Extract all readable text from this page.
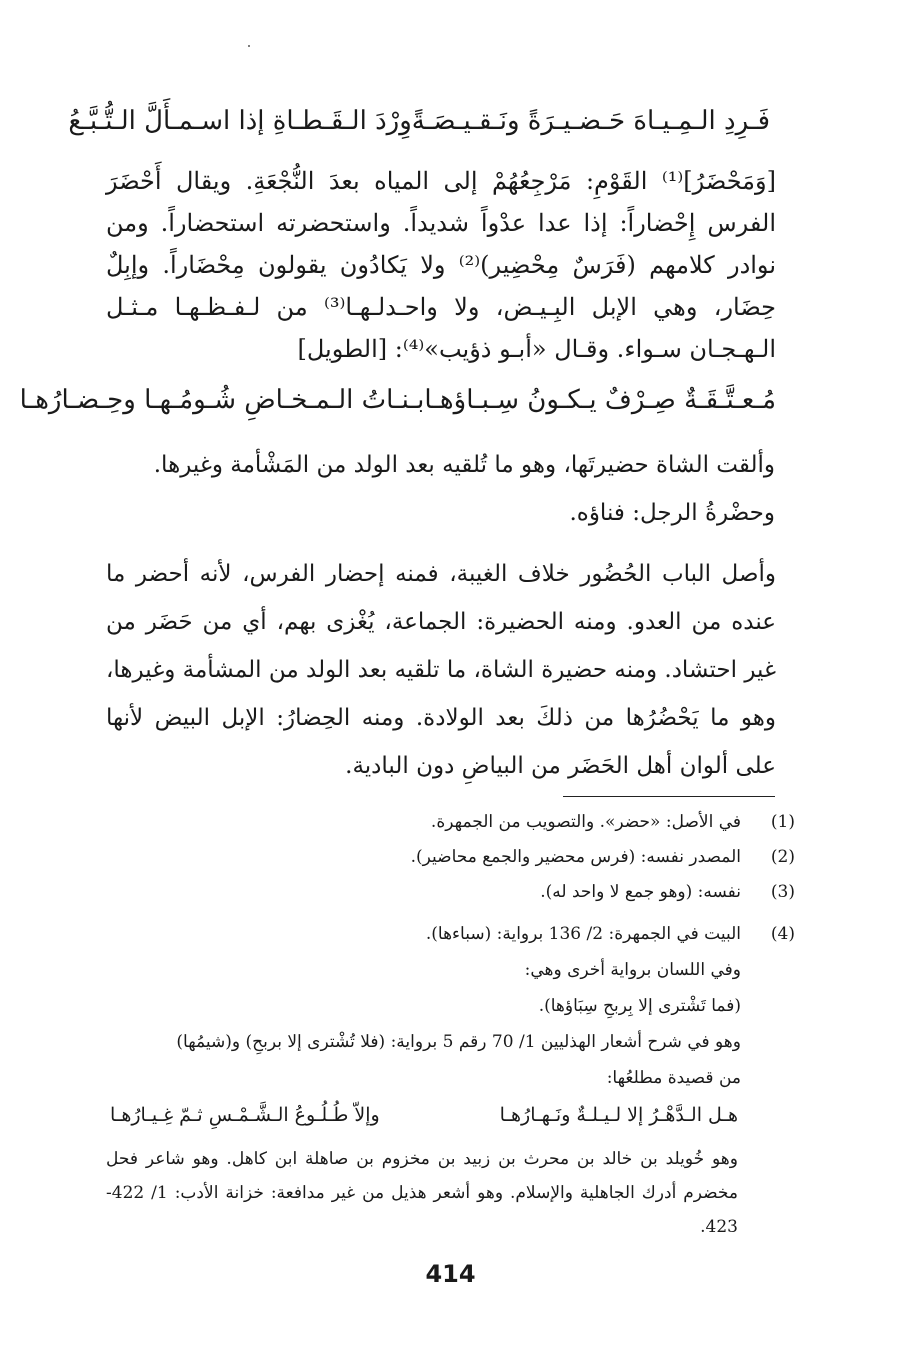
فَـرِدِ الـمِـيـاهَ حَـضـيـرَةً ونَـقـيـصَـةً
وِرْدَ الـقَـطـاةِ إذا اسـمـأَلَّ الـتُّـبَّـعُ

[وَمَحْضَرُ]⁽¹⁾ القَوْمِ: مَرْجِعُهُمْ إلى المياه بعدَ النُّجْعَةِ. ويقال أَحْضَرَ الفرس إِحْضاراً: إذا عدا عدْواً شديداً. واستحضرته استحضاراً. ومن نوادر كلامهم (فَرَسٌ مِحْضِير)⁽²⁾ ولا يَكادُون يقولون مِحْضَاراً. وإبِلٌ حِضَار، وهي الإبل البِـيـض، ولا واحـدلـهـا⁽³⁾ من لـفـظـهـا مـثـل الـهـجـان سـواء. وقـال «أبـو ذؤيب»⁽⁴⁾: [الطويل]

مُـعـتَّـقَـةٌ صِـرْفٌ يـكـونُ سِـبـاؤهـا
بـنـاتُ الـمـخـاضِ شُـومُـهـا وحِـضـارُهـا
وألقت الشاة حضيرتَها، وهو ما تُلقيه بعد الولد من المَشْأمة وغيرها.
وحضْرةُ الرجل: فناؤه.

وأصل الباب الحُضُور خلاف الغيبة، فمنه إحضار الفرس، لأنه أحضر ما عنده من العدو. ومنه الحضيرة: الجماعة، يُغْزى بهم، أي من حَضَر من غير احتشاد. ومنه حضيرة الشاة، ما تلقيه بعد الولد من المشأمة وغيرها، وهو ما يَحْضُرُها من ذلكَ بعد الولادة. ومنه الحِضارُ: الإبل البيض لأنها على ألوان أهل الحَضَر من البياضِ دون البادية.

(1)في الأصل: «حضر». والتصويب من الجمهرة.
(2)المصدر نفسه: (فرس محضير والجمع محاضير).
(3)نفسه: (وهو جمع لا واحد له).
(4)البيت في الجمهرة: 2/ 136 برواية: (سباءها).
وفي اللسان برواية أخرى وهي:
(فما تَشْترى إلا بِربحِ سِبَاؤها).
وهو في شرح أشعار الهذليين 1/ 70 رقم 5 برواية: (فلا تُشْترى إلا بربحِ) و(شيمُها)
من قصيدة مطلعُها:
هـل الـدَّهْـرُ إلا لـيـلـةٌ ونَـهـارُهـا
وإلاّ طُـلُـوعُ الـشَّـمْـسِ ثـمّ غِـيـارُهـا
وهو خُويلد بن خالد بن محرث بن زبيد بن مخزوم بن صاهلة ابن كاهل. وهو شاعر فحل مخضرم أدرك الجاهلية والإسلام. وهو أشعر هذيل من غير مدافعة: خزانة الأدب: 1/ 422- 423.
414
